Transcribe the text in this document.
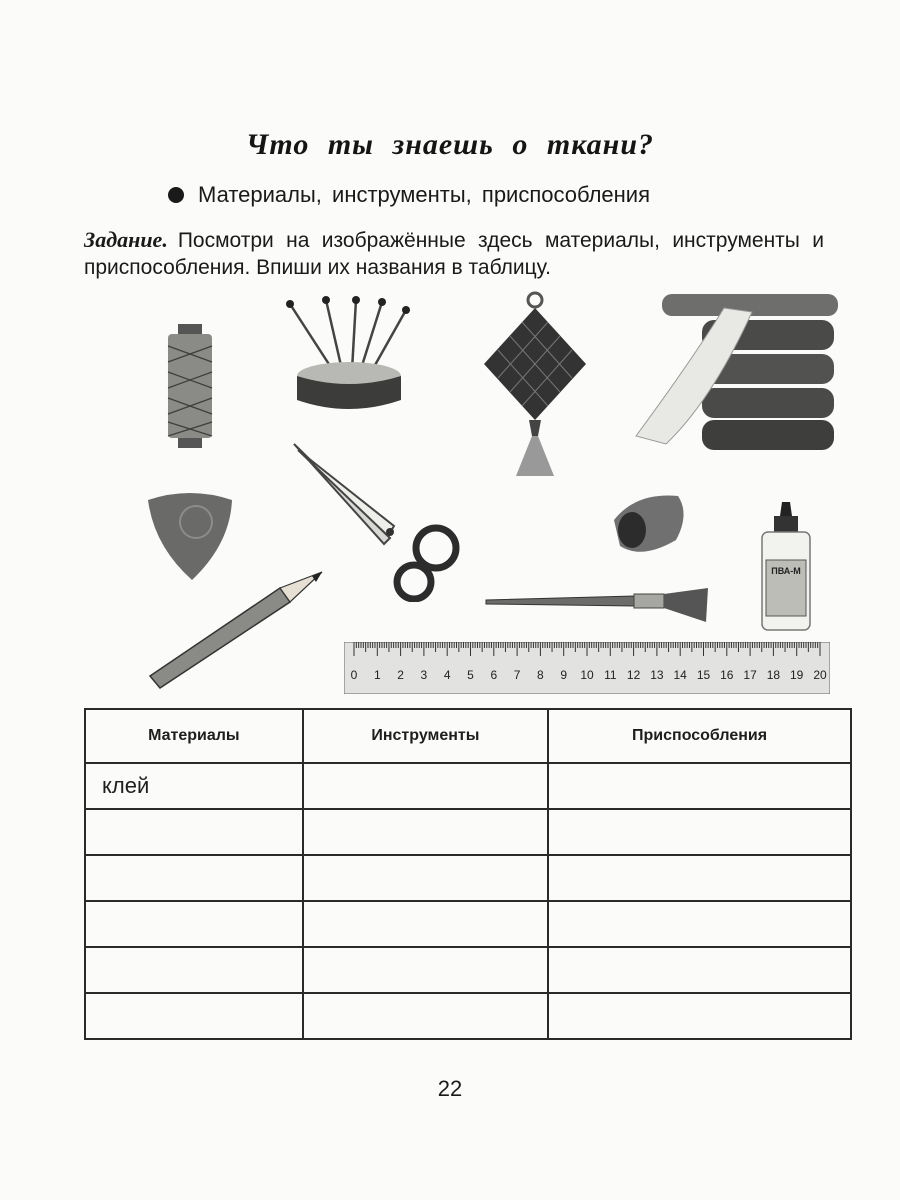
Что ты знаешь о ткани?
Материалы, инструменты, приспособления
Задание. Посмотри на изображённые здесь материалы, инструменты и приспособления. Впиши их названия в таблицу.
ПВА-М
0 1 2 3 4 5 6 7 8 9 10 11 12 13 14 15 16 17 18 19 20
Материалы	Инструменты	Приспособления
клей		

22
